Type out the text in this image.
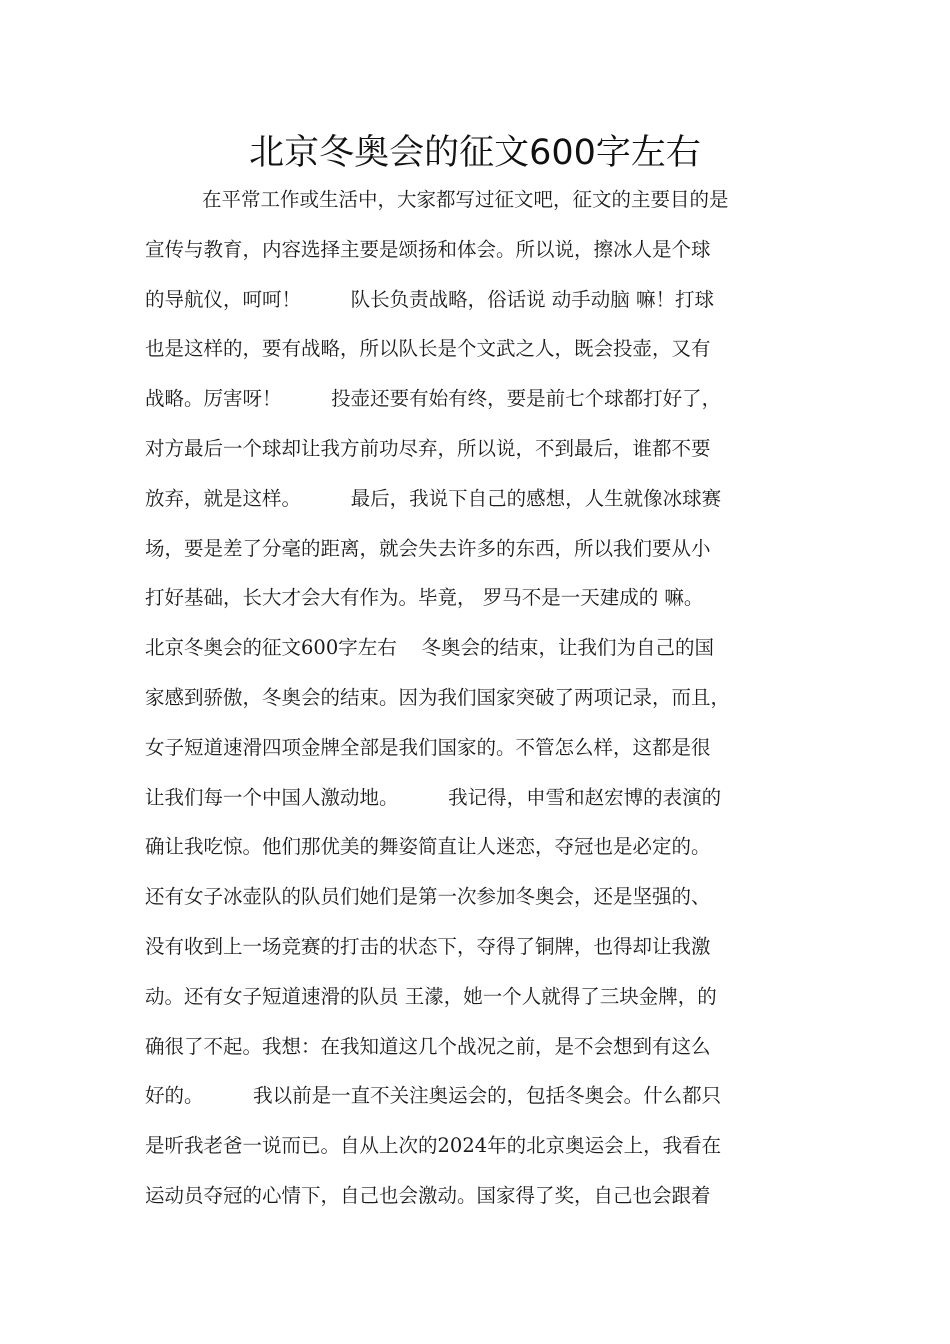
北京冬奥会的征文600字左右
在平常工作或生活中，大家都写过征文吧，征文的主要目的是
宣传与教育，内容选择主要是颂扬和体会。所以说，擦冰人是个球
的导航仪，呵呵！        队长负责战略，俗话说 动手动脑 嘛！打球
也是这样的，要有战略，所以队长是个文武之人，既会投壶，又有
战略。厉害呀！        投壶还要有始有终，要是前七个球都打好了，
对方最后一个球却让我方前功尽弃，所以说，不到最后，谁都不要
放弃，就是这样。        最后，我说下自己的感想，人生就像冰球赛
场，要是差了分毫的距离，就会失去许多的东西，所以我们要从小
打好基础，长大才会大有作为。毕竟， 罗马不是一天建成的 嘛。
北京冬奥会的征文600字左右    冬奥会的结束，让我们为自己的国
家感到骄傲，冬奥会的结束。因为我们国家突破了两项记录，而且，
女子短道速滑四项金牌全部是我们国家的。不管怎么样，这都是很
让我们每一个中国人激动地。        我记得，申雪和赵宏博的表演的
确让我吃惊。他们那优美的舞姿简直让人迷恋，夺冠也是必定的。
还有女子冰壶队的队员们她们是第一次参加冬奥会，还是坚强的、
没有收到上一场竞赛的打击的状态下，夺得了铜牌，也得却让我激
动。还有女子短道速滑的队员 王濛，她一个人就得了三块金牌，的
确很了不起。我想：在我知道这几个战况之前，是不会想到有这么
好的。        我以前是一直不关注奥运会的，包括冬奥会。什么都只
是听我老爸一说而已。自从上次的2024年的北京奥运会上，我看在
运动员夺冠的心情下，自己也会激动。国家得了奖，自己也会跟着
